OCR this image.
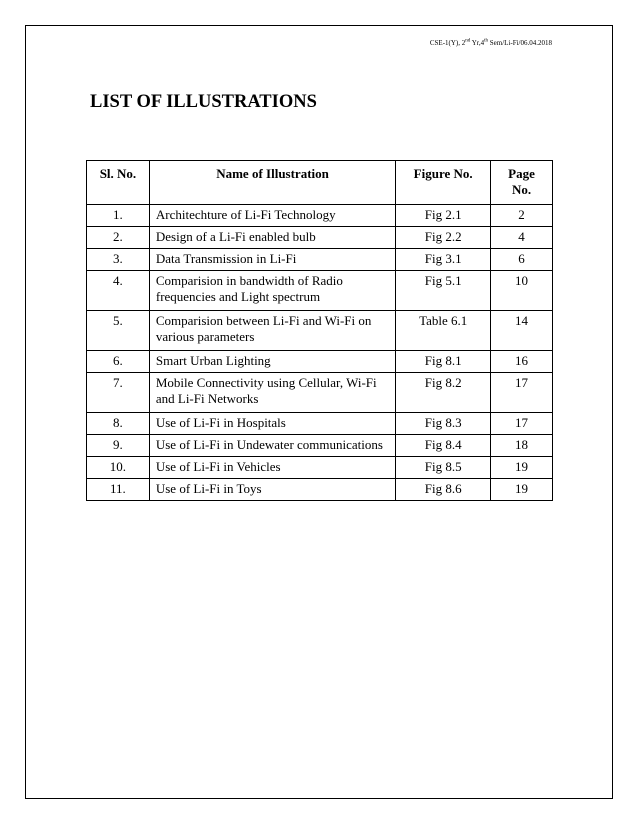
CSE-1(Y), 2nd Yr,4th Sem/Li-Fi/06.04.2018
LIST OF ILLUSTRATIONS
Sl. No.	Name of Illustration	Figure No.	Page No.
1.	Architechture of Li-Fi Technology	Fig 2.1	2
2.	Design of a Li-Fi enabled bulb	Fig 2.2	4
3.	Data Transmission in Li-Fi	Fig 3.1	6
4.	Comparision in bandwidth of Radio frequencies and Light spectrum	Fig 5.1	10
5.	Comparision between Li-Fi and Wi-Fi on various parameters	Table 6.1	14
6.	Smart Urban Lighting	Fig 8.1	16
7.	Mobile Connectivity using Cellular, Wi-Fi and Li-Fi Networks	Fig 8.2	17
8.	Use of Li-Fi in Hospitals	Fig 8.3	17
9.	Use of Li-Fi in Undewater communications	Fig 8.4	18
10.	Use of Li-Fi in Vehicles	Fig 8.5	19
11.	Use of Li-Fi in Toys	Fig 8.6	19
